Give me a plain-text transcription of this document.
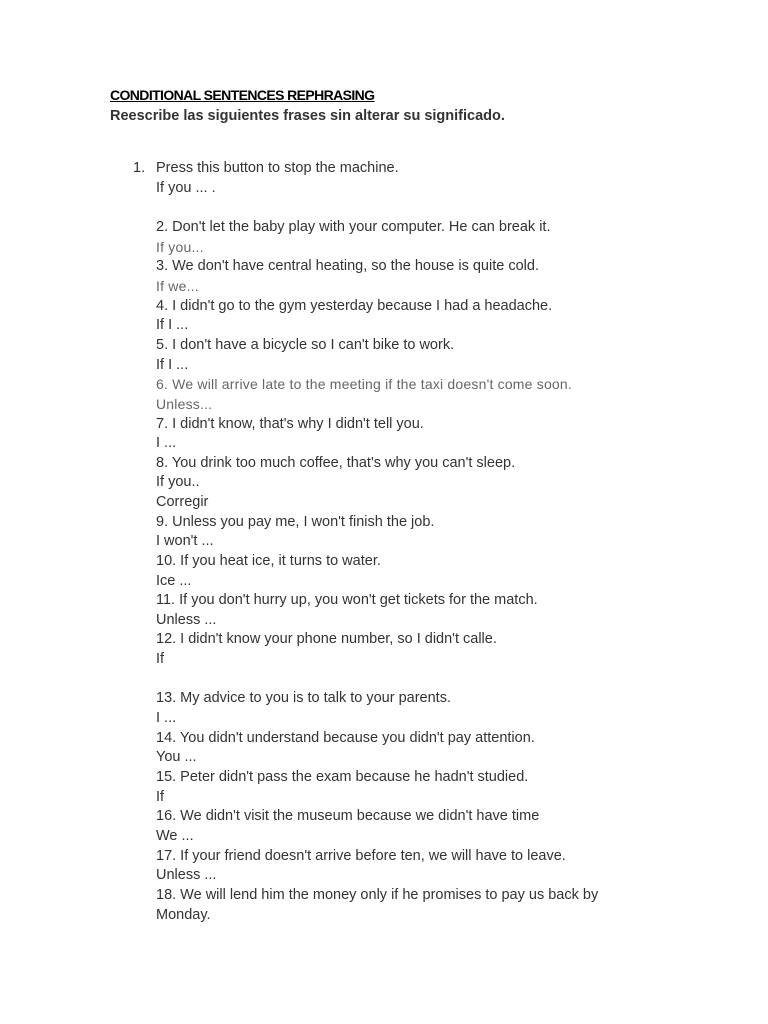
CONDITIONAL SENTENCES REPHRASING
Reescribe las siguientes frases sin alterar su significado.
1. Press this button to stop the machine.
If you ... .
2. Don't let the baby play with your computer. He can break it.
If you...
3. We don't have central heating, so the house is quite cold.
If we...
4. I didn't go to the gym yesterday because I had a headache.
If I ...
5. I don't have a bicycle so I can't bike to work.
If I ...
6. We will arrive late to the meeting if the taxi doesn't come soon.
Unless...
7. I didn't know, that's why I didn't tell you.
I ...
8. You drink too much coffee, that's why you can't sleep.
If you..
Corregir
9. Unless you pay me, I won't finish the job.
I won't ...
10. If you heat ice, it turns to water.
Ice ...
11. If you don't hurry up, you won't get tickets for the match.
Unless ...
12. I didn't know your phone number, so I didn't calle.
If
13. My advice to you is to talk to your parents.
I ...
14. You didn't understand because you didn't pay attention.
You ...
15. Peter didn't pass the exam because he hadn't studied.
If
16. We didn't visit the museum because we didn't have time
We ...
17. If your friend doesn't arrive before ten, we will have to leave.
Unless ...
18. We will lend him the money only if he promises to pay us back by
Monday.
